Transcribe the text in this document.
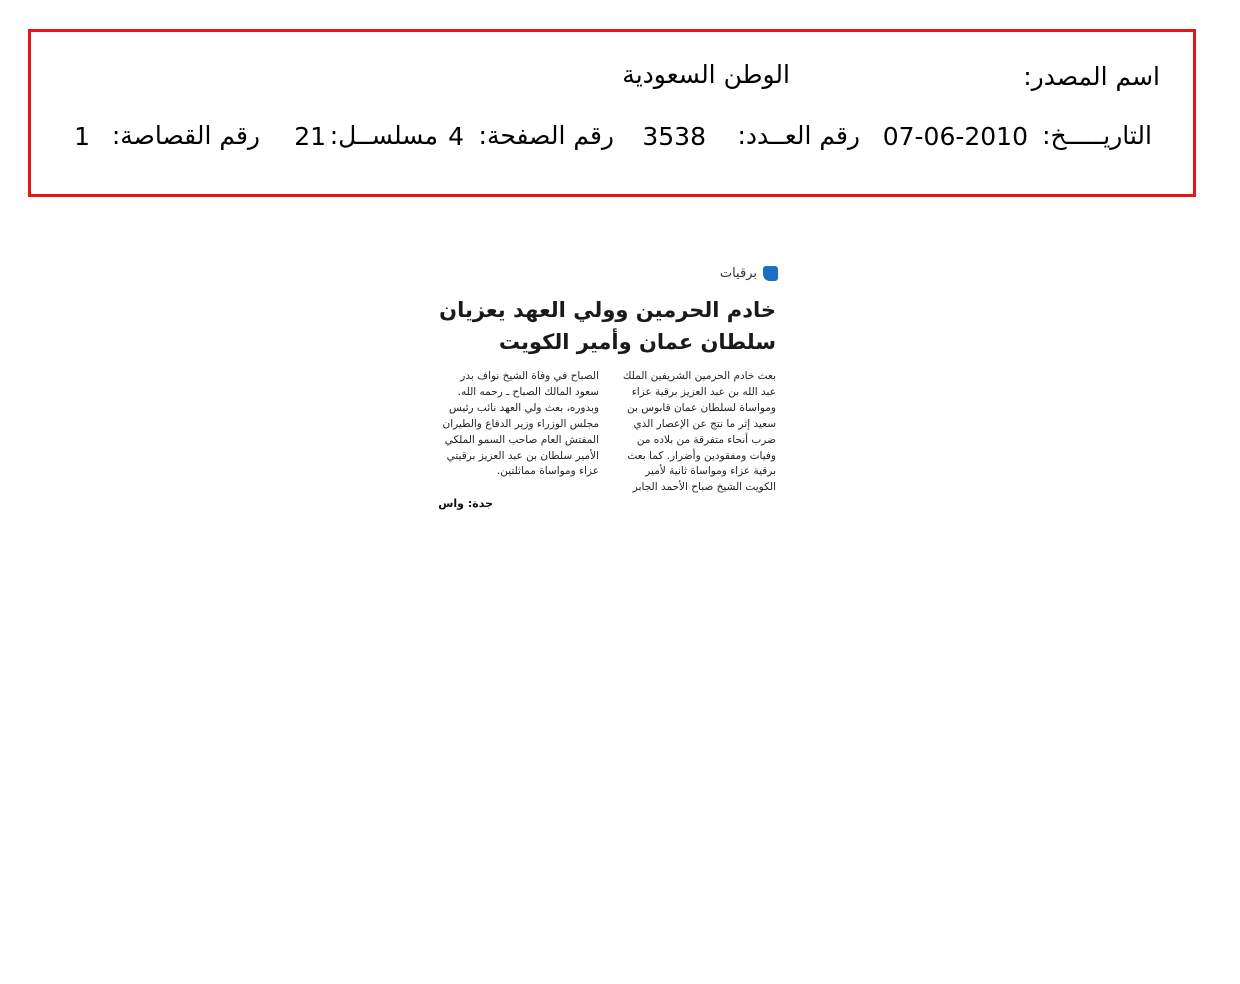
اسم المصدر:
الوطن السعودية
التاريـــــخ:
07-06-2010
رقم العــدد:
3538
رقم الصفحة:
4
مسلســل:
21
رقم القصاصة:
1
برقيات
خادم الحرمين وولي العهد يعزيان سلطان عمان وأمير الكويت
بعث خادم الحرمين الشريفين الملك عبد الله بن عبد العزيز برقية عزاء ومواساة لسلطان عمان قابوس بن سعيد إثر ما نتج عن الإعصار الذي ضرب أنحاء متفرقة من بلاده من وفيات ومفقودين وأضرار. كما بعث برقية عزاء ومواساة ثانية لأمير الكويت الشيخ صباح الأحمد الجابر
الصباح في وفاة الشيخ نواف بدر سعود المالك الصباح ـ رحمه الله. وبدوره، بعث ولي العهد نائب رئيس مجلس الوزراء وزير الدفاع والطيران المفتش العام صاحب السمو الملكي الأمير سلطان بن عبد العزيز برقيتي عزاء ومواساة مماثلتين.
جدة: واس
